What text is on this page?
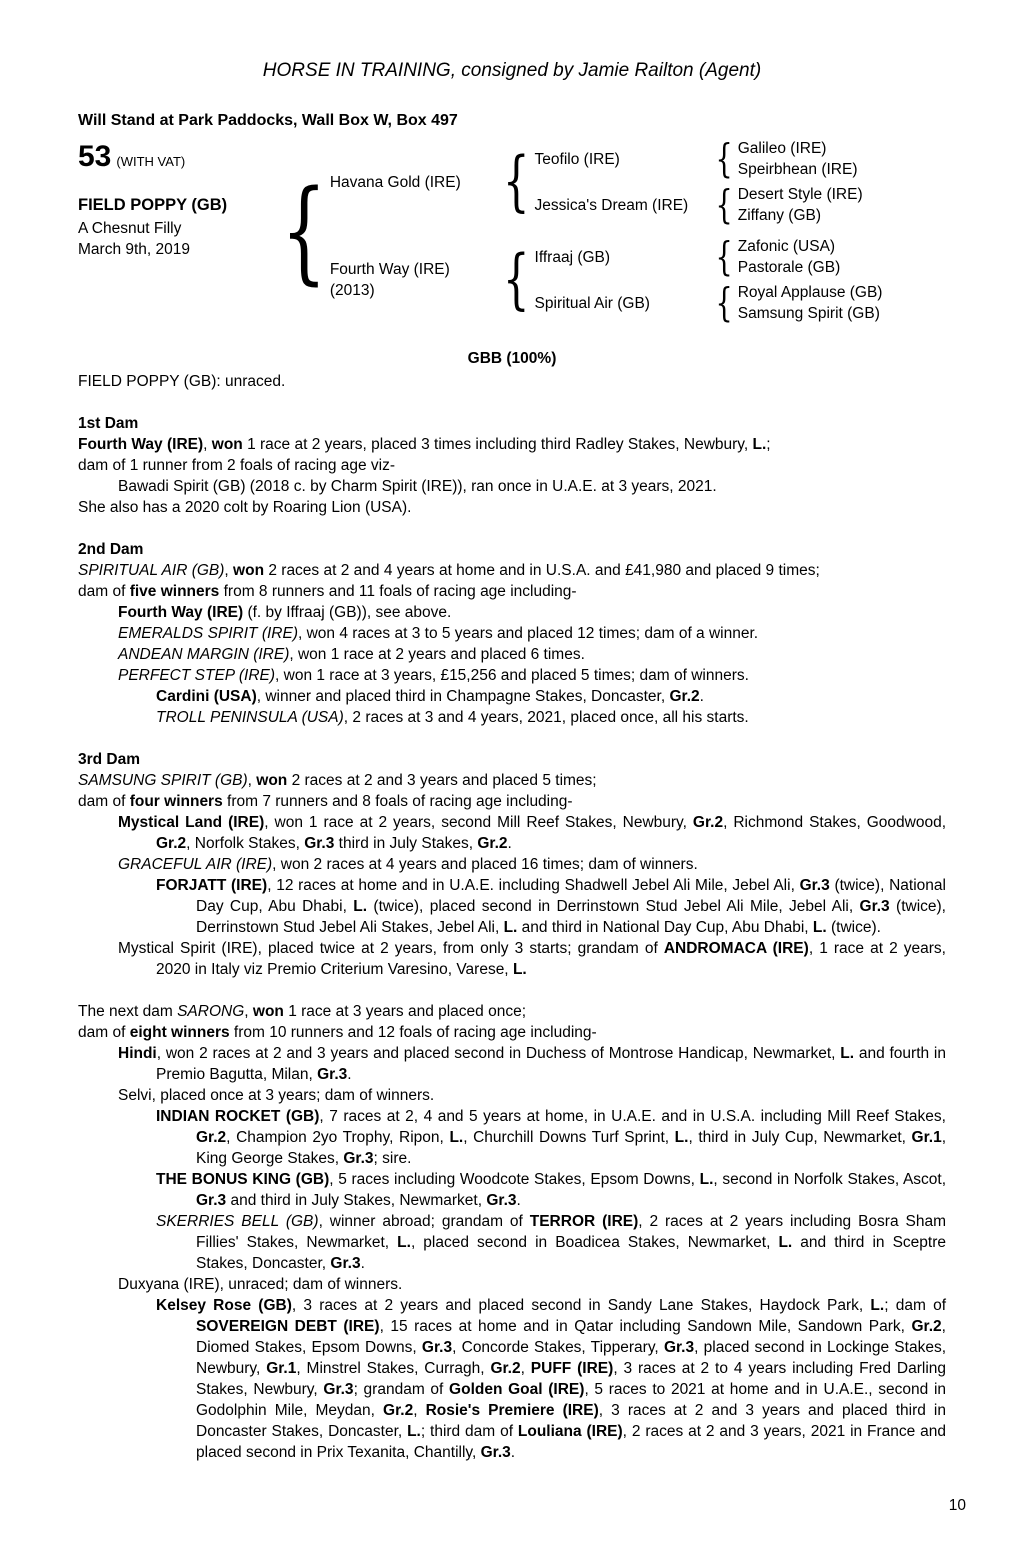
HORSE IN TRAINING, consigned by Jamie Railton (Agent)
Will Stand at Park Paddocks, Wall Box W, Box 497
53 (WITH VAT)
FIELD POPPY (GB)
A Chesnut Filly
March 9th, 2019
{
Havana Gold (IRE)
{
Teofilo (IRE)
{
Galileo (IRE)
Speirbhean (IRE)
Jessica's Dream (IRE)
{
Desert Style (IRE)
Ziffany (GB)
Fourth Way (IRE)
(2013)
{
Iffraaj (GB)
{
Zafonic (USA)
Pastorale (GB)
Spiritual Air (GB)
{
Royal Applause (GB)
Samsung Spirit (GB)
GBB (100%)
FIELD POPPY (GB): unraced.
1st Dam
Fourth Way (IRE), won 1 race at 2 years, placed 3 times including third Radley Stakes, Newbury, L.;
dam of 1 runner from 2 foals of racing age viz-
Bawadi Spirit (GB) (2018 c. by Charm Spirit (IRE)), ran once in U.A.E. at 3 years, 2021.
She also has a 2020 colt by Roaring Lion (USA).
2nd Dam
SPIRITUAL AIR (GB), won 2 races at 2 and 4 years at home and in U.S.A. and £41,980 and placed 9 times;
dam of five winners from 8 runners and 11 foals of racing age including-
Fourth Way (IRE) (f. by Iffraaj (GB)), see above.
EMERALDS SPIRIT (IRE), won 4 races at 3 to 5 years and placed 12 times; dam of a winner.
ANDEAN MARGIN (IRE), won 1 race at 2 years and placed 6 times.
PERFECT STEP (IRE), won 1 race at 3 years, £15,256 and placed 5 times; dam of winners.
Cardini (USA), winner and placed third in Champagne Stakes, Doncaster, Gr.2.
TROLL PENINSULA (USA), 2 races at 3 and 4 years, 2021, placed once, all his starts.
3rd Dam
SAMSUNG SPIRIT (GB), won 2 races at 2 and 3 years and placed 5 times;
dam of four winners from 7 runners and 8 foals of racing age including-
Mystical Land (IRE), won 1 race at 2 years, second Mill Reef Stakes, Newbury, Gr.2, Richmond Stakes, Goodwood, Gr.2, Norfolk Stakes, Gr.3 third in July Stakes, Gr.2.
GRACEFUL AIR (IRE), won 2 races at 4 years and placed 16 times; dam of winners.
FORJATT (IRE), 12 races at home and in U.A.E. including Shadwell Jebel Ali Mile, Jebel Ali, Gr.3 (twice), National Day Cup, Abu Dhabi, L. (twice), placed second in Derrinstown Stud Jebel Ali Mile, Jebel Ali, Gr.3 (twice), Derrinstown Stud Jebel Ali Stakes, Jebel Ali, L. and third in National Day Cup, Abu Dhabi, L. (twice).
Mystical Spirit (IRE), placed twice at 2 years, from only 3 starts; grandam of ANDROMACA (IRE), 1 race at 2 years, 2020 in Italy viz Premio Criterium Varesino, Varese, L.
The next dam SARONG, won 1 race at 3 years and placed once;
dam of eight winners from 10 runners and 12 foals of racing age including-
Hindi, won 2 races at 2 and 3 years and placed second in Duchess of Montrose Handicap, Newmarket, L. and fourth in Premio Bagutta, Milan, Gr.3.
Selvi, placed once at 3 years; dam of winners.
INDIAN ROCKET (GB), 7 races at 2, 4 and 5 years at home, in U.A.E. and in U.S.A. including Mill Reef Stakes, Gr.2, Champion 2yo Trophy, Ripon, L., Churchill Downs Turf Sprint, L., third in July Cup, Newmarket, Gr.1, King George Stakes, Gr.3; sire.
THE BONUS KING (GB), 5 races including Woodcote Stakes, Epsom Downs, L., second in Norfolk Stakes, Ascot, Gr.3 and third in July Stakes, Newmarket, Gr.3.
SKERRIES BELL (GB), winner abroad; grandam of TERROR (IRE), 2 races at 2 years including Bosra Sham Fillies' Stakes, Newmarket, L., placed second in Boadicea Stakes, Newmarket, L. and third in Sceptre Stakes, Doncaster, Gr.3.
Duxyana (IRE), unraced; dam of winners.
Kelsey Rose (GB), 3 races at 2 years and placed second in Sandy Lane Stakes, Haydock Park, L.; dam of SOVEREIGN DEBT (IRE), 15 races at home and in Qatar including Sandown Mile, Sandown Park, Gr.2, Diomed Stakes, Epsom Downs, Gr.3, Concorde Stakes, Tipperary, Gr.3, placed second in Lockinge Stakes, Newbury, Gr.1, Minstrel Stakes, Curragh, Gr.2, PUFF (IRE), 3 races at 2 to 4 years including Fred Darling Stakes, Newbury, Gr.3; grandam of Golden Goal (IRE), 5 races to 2021 at home and in U.A.E., second in Godolphin Mile, Meydan, Gr.2, Rosie's Premiere (IRE), 3 races at 2 and 3 years and placed third in Doncaster Stakes, Doncaster, L.; third dam of Louliana (IRE), 2 races at 2 and 3 years, 2021 in France and placed second in Prix Texanita, Chantilly, Gr.3.
10
